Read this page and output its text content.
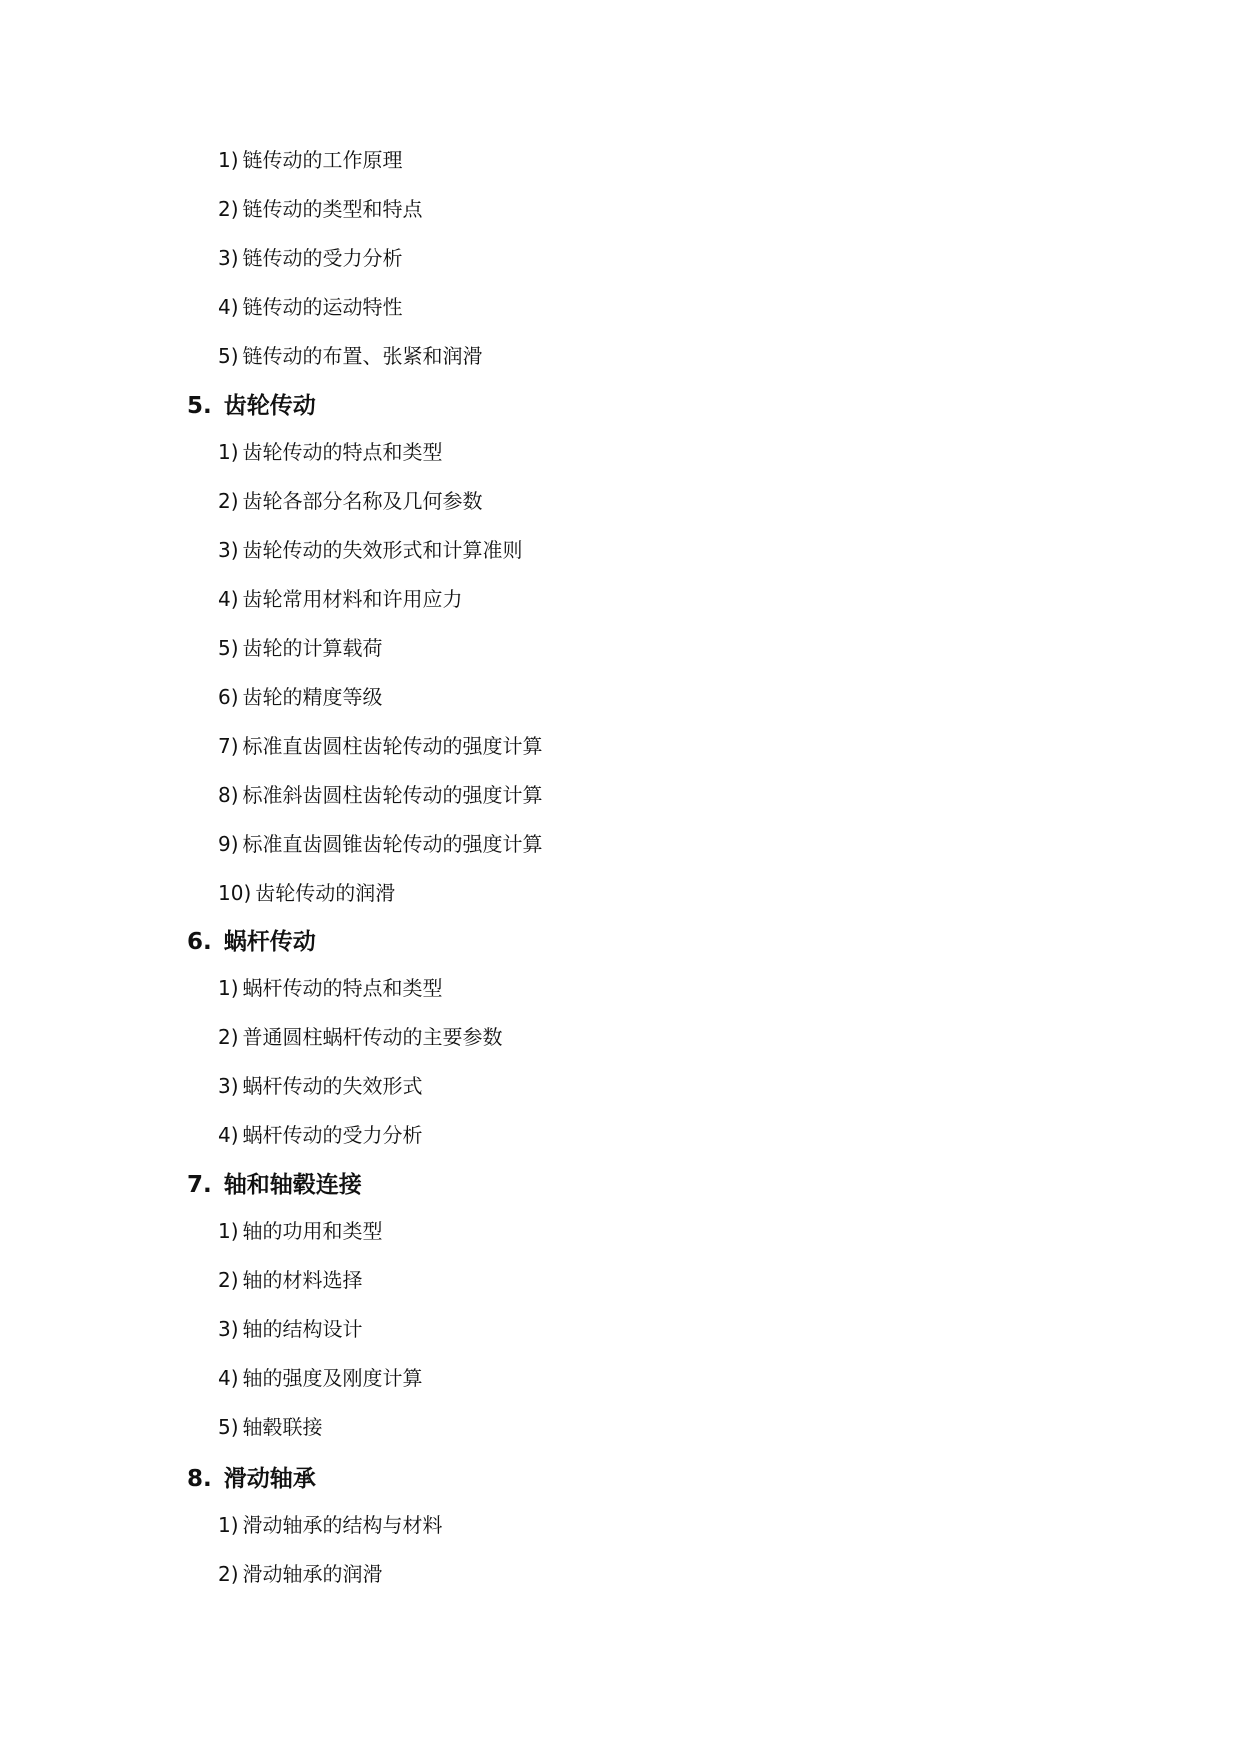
1) 链传动的工作原理
2) 链传动的类型和特点
3) 链传动的受力分析
4) 链传动的运动特性
5) 链传动的布置、张紧和润滑
5. 齿轮传动
1) 齿轮传动的特点和类型
2) 齿轮各部分名称及几何参数
3) 齿轮传动的失效形式和计算准则
4) 齿轮常用材料和许用应力
5) 齿轮的计算载荷
6) 齿轮的精度等级
7) 标准直齿圆柱齿轮传动的强度计算
8) 标准斜齿圆柱齿轮传动的强度计算
9) 标准直齿圆锥齿轮传动的强度计算
10) 齿轮传动的润滑
6. 蜗杆传动
1) 蜗杆传动的特点和类型
2) 普通圆柱蜗杆传动的主要参数
3) 蜗杆传动的失效形式
4) 蜗杆传动的受力分析
7. 轴和轴毂连接
1) 轴的功用和类型
2) 轴的材料选择
3) 轴的结构设计
4) 轴的强度及刚度计算
5) 轴毂联接
8. 滑动轴承
1) 滑动轴承的结构与材料
2) 滑动轴承的润滑
